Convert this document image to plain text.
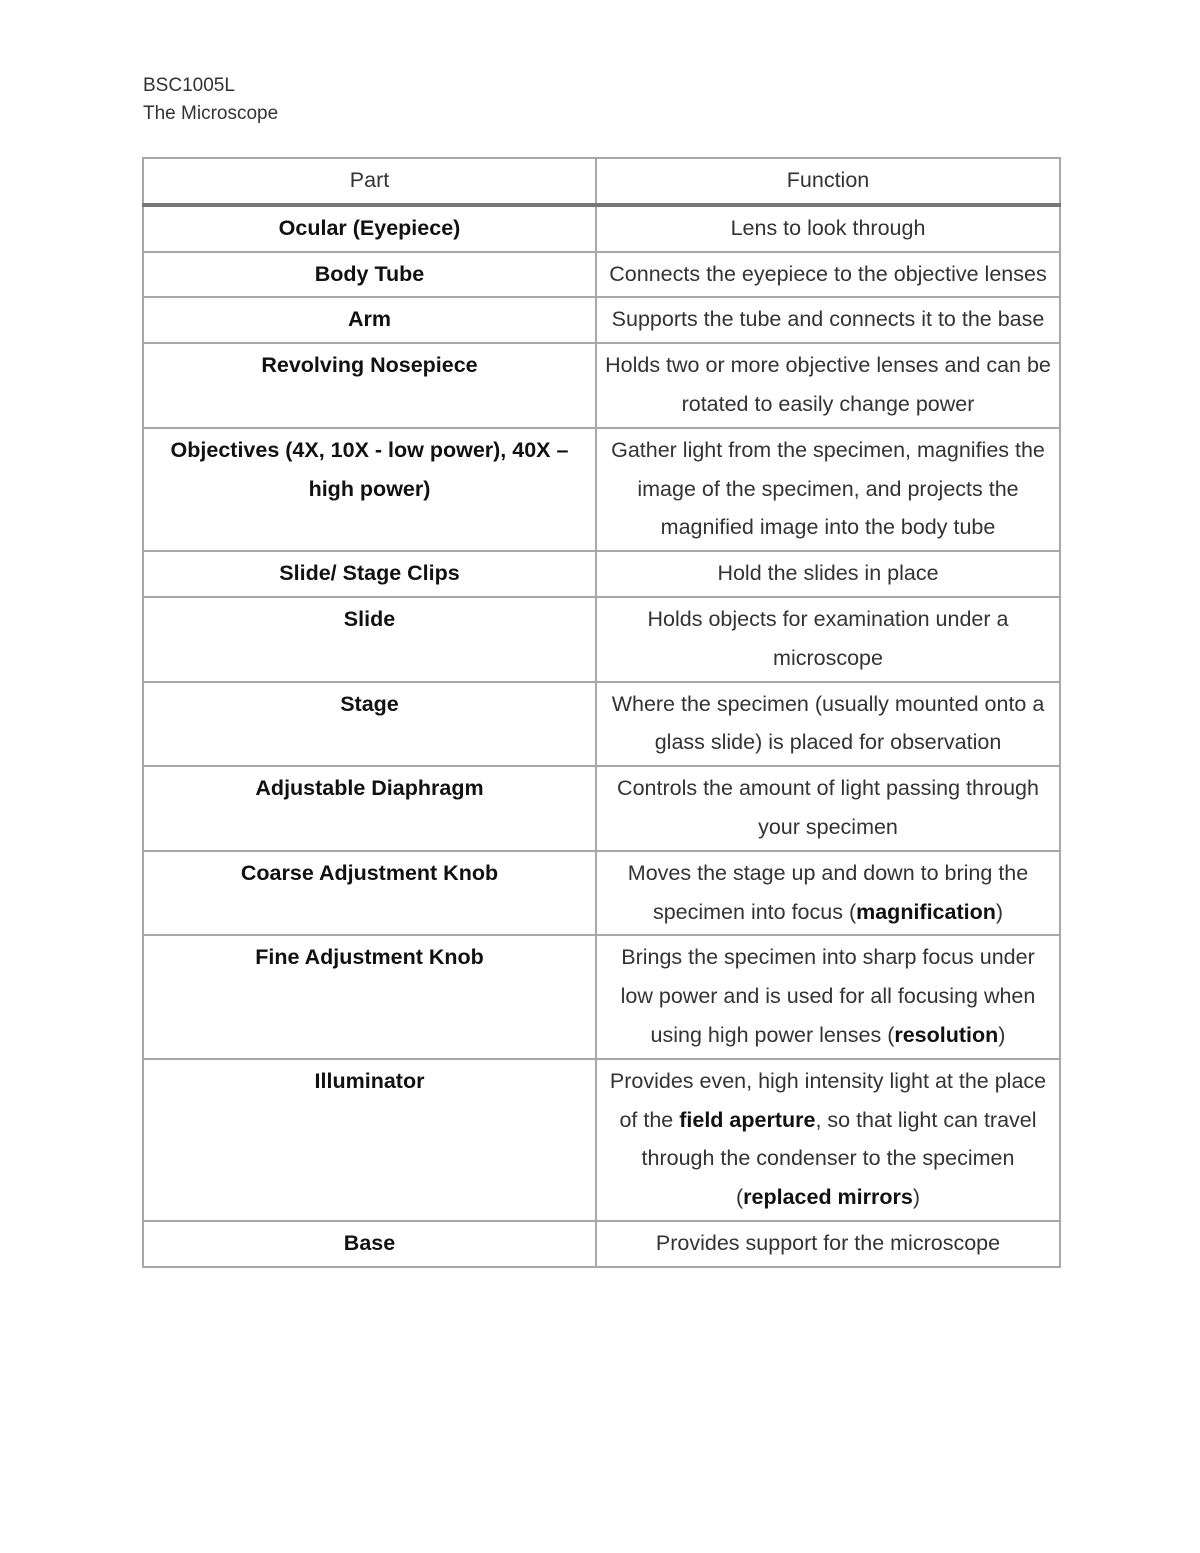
BSC1005L
The Microscope
Part	Function
Ocular (Eyepiece)	Lens to look through
Body Tube	Connects the eyepiece to the objective lenses
Arm	Supports the tube and connects it to the base
Revolving Nosepiece	Holds two or more objective lenses and can be rotated to easily change power
Objectives (4X, 10X - low power), 40X – high power)	Gather light from the specimen, magnifies the image of the specimen, and projects the magnified image into the body tube
Slide/ Stage Clips	Hold the slides in place
Slide	Holds objects for examination under a microscope
Stage	Where the specimen (usually mounted onto a glass slide) is placed for observation
Adjustable Diaphragm	Controls the amount of light passing through your specimen
Coarse Adjustment Knob	Moves the stage up and down to bring the specimen into focus (magnification)
Fine Adjustment Knob	Brings the specimen into sharp focus under low power and is used for all focusing when using high power lenses (resolution)
Illuminator	Provides even, high intensity light at the place of the field aperture, so that light can travel through the condenser to the specimen (replaced mirrors)
Base	Provides support for the microscope
